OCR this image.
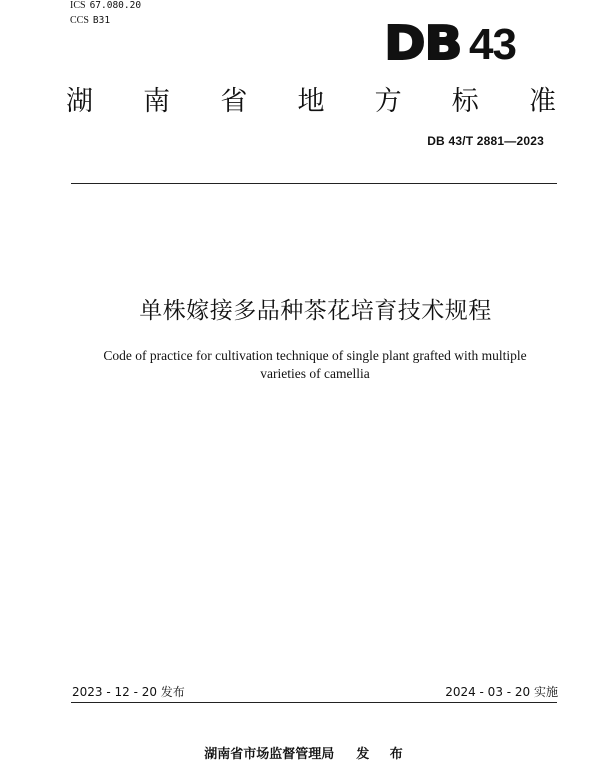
ICS 67.080.20
CCS B31	DB 43
湖 南 省 地 方 标 准
DB 43/T 2881—2023
单株嫁接多品种茶花培育技术规程
Code of practice for cultivation technique of single plant grafted with multiple
varieties of camellia
2023 - 12 - 20 发布	2024 - 03 - 20 实施
湖南省市场监督管理局 发 布
